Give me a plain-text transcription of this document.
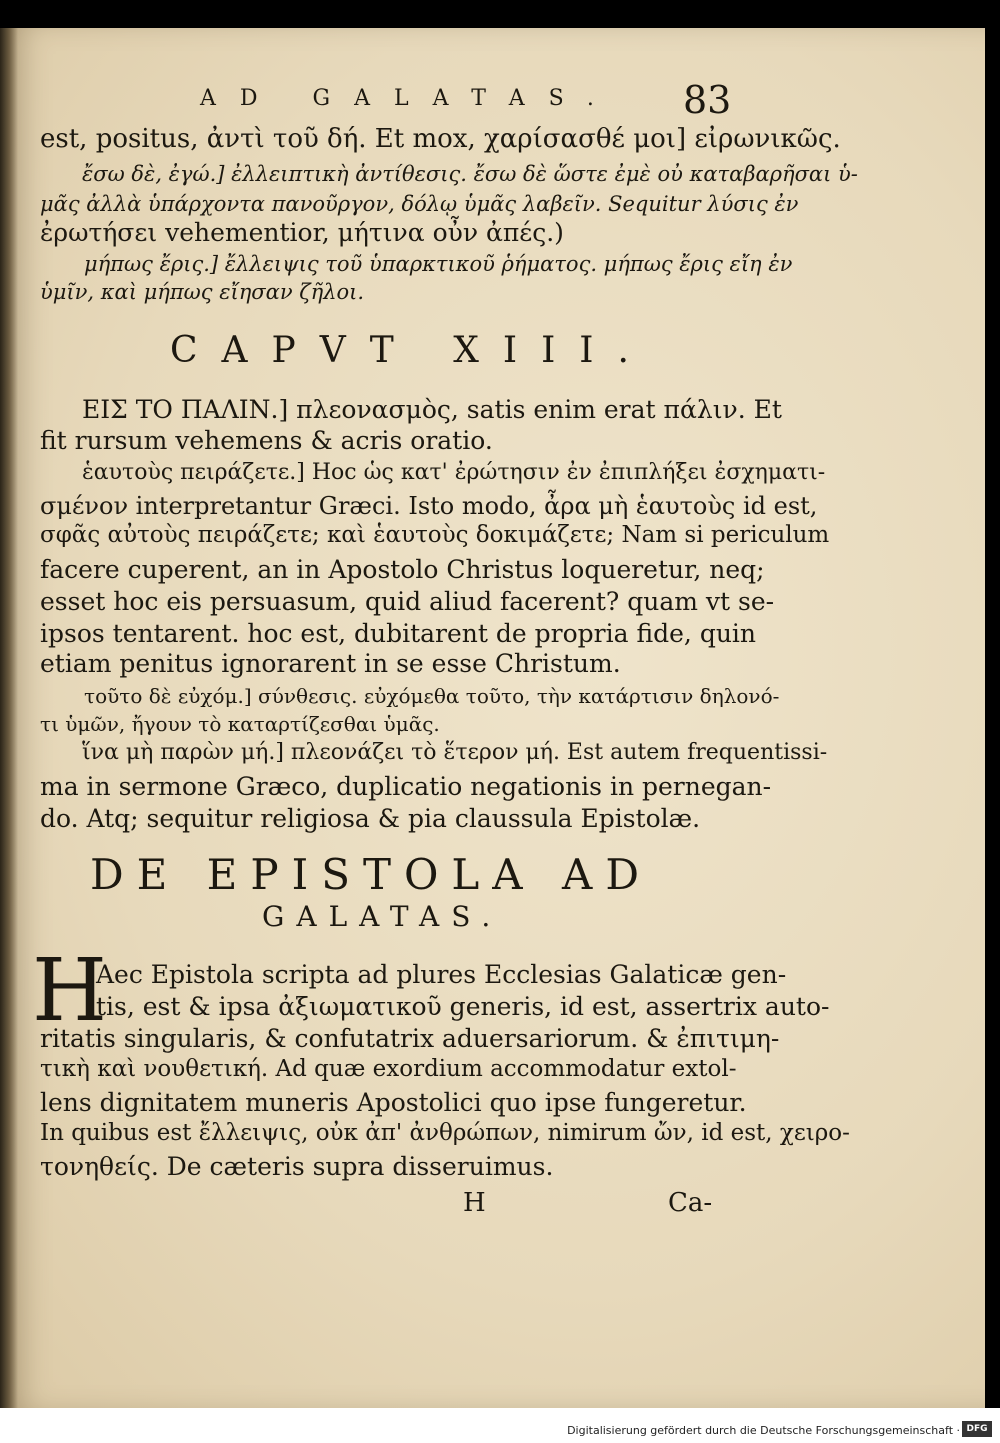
AD GALATAS. 83
est, positus, ἀντὶ τοῦ δή. Et mox, χαρίσασθέ μοι] εἰρωνικῶς.
ἔσω δὲ, ἐγώ.] ἐλλειπτικὴ ἀντίθεσις. ἔσω δὲ ὥστε ἐμὲ οὐ καταβαρῆσαι ὑ-
μᾶς ἀλλὰ ὑπάρχοντα πανοῦργον, δόλῳ ὑμᾶς λαβεῖν. Sequitur λύσις ἐν
ἐρωτήσει vehementior, μήτινα οὖν ἀπές.)
μήπως ἔρις.] ἔλλειψις τοῦ ὑπαρκτικοῦ ῥήματος. μήπως ἔρις εἴη ἐν
ὑμῖν, καὶ μήπως εἴησαν ζῆλοι.
CAPVT XIII.
ΕΙΣ ΤΟ ΠΑΛΙΝ.] πλεονασμὸς, satis enim erat πάλιν. Et
fit rursum vehemens & acris oratio.
ἑαυτοὺς πειράζετε.] Hoc ὡς κατ' ἐρώτησιν ἐν ἐπιπλήξει ἐσχηματι-
σμένον interpretantur Græci. Isto modo, ἆρα μὴ ἑαυτοὺς id est,
σφᾶς αὐτοὺς πειράζετε; καὶ ἑαυτοὺς δοκιμάζετε; Nam si periculum
facere cuperent, an in Apostolo Christus loqueretur, neq;
esset hoc eis persuasum, quid aliud facerent? quam vt se-
ipsos tentarent. hoc est, dubitarent de propria fide, quin
etiam penitus ignorarent in se esse Christum.
τοῦτο δὲ εὐχόμ.] σύνθεσις. εὐχόμεθα τοῦτο, τὴν κατάρτισιν δηλονό-
τι ὑμῶν, ἤγουν τὸ καταρτίζεσθαι ὑμᾶς.
ἵνα μὴ παρὼν μή.] πλεονάζει τὸ ἕτερον μή. Est autem frequentissi-
ma in sermone Græco, duplicatio negationis in pernegan-
do. Atq; sequitur religiosa & pia claussula Epistolæ.
DE EPISTOLA AD
GALATAS.
H
Aec Epistola scripta ad plures Ecclesias Galaticæ gen-
tis, est & ipsa ἀξιωματικοῦ generis, id est, assertrix auto-
ritatis singularis, & confutatrix aduersariorum. & ἐπιτιμη-
τικὴ καὶ νουθετική. Ad quæ exordium accommodatur extol-
lens dignitatem muneris Apostolici quo ipse fungeretur.
In quibus est ἔλλειψις, οὐκ ἀπ' ἀνθρώπων, nimirum ὤν, id est, χειρο-
τονηθείς. De cæteris supra disseruimus.
H	Ca-
Digitalisierung gefördert durch die Deutsche Forschungsgemeinschaft · DFG
